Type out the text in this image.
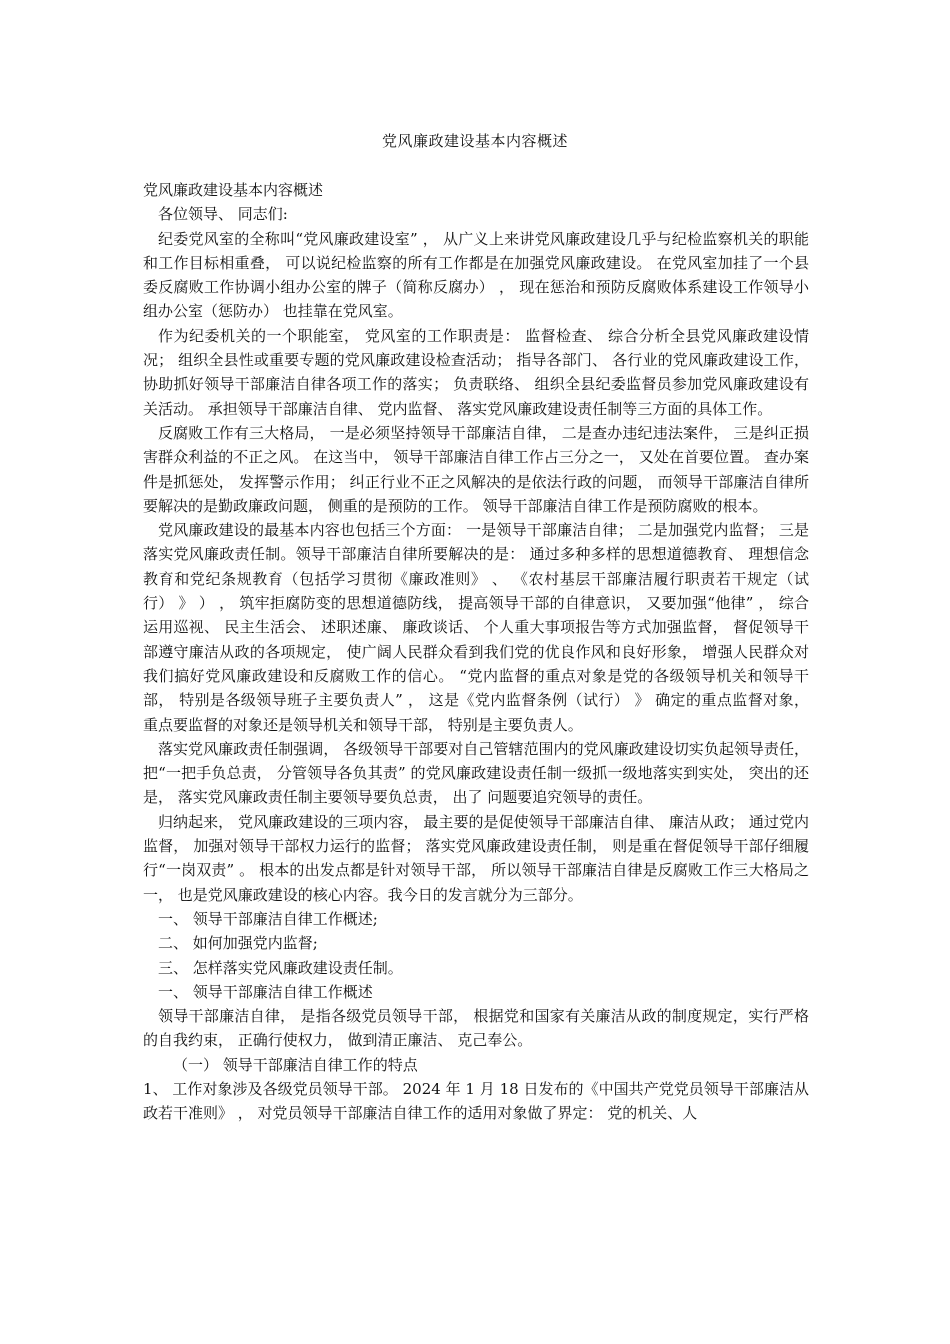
党风廉政建设基本内容概述

党风廉政建设基本内容概述

各位领导、 同志们:

纪委党风室的全称叫“党风廉政建设室” ， 从广义上来讲党风廉政建设几乎与纪检监察机关的职能和工作目标相重叠， 可以说纪检监察的所有工作都是在加强党风廉政建设。 在党风室加挂了一个县委反腐败工作协调小组办公室的牌子（简称反腐办） ， 现在惩治和预防反腐败体系建设工作领导小组办公室（惩防办） 也挂靠在党风室。

作为纪委机关的一个职能室， 党风室的工作职责是： 监督检查、 综合分析全县党风廉政建设情况； 组织全县性或重要专题的党风廉政建设检查活动； 指导各部门、 各行业的党风廉政建设工作， 协助抓好领导干部廉洁自律各项工作的落实； 负责联络、 组织全县纪委监督员参加党风廉政建设有关活动。 承担领导干部廉洁自律、 党内监督、 落实党风廉政建设责任制等三方面的具体工作。

反腐败工作有三大格局， 一是必须坚持领导干部廉洁自律， 二是查办违纪违法案件， 三是纠正损害群众利益的不正之风。 在这当中， 领导干部廉洁自律工作占三分之一， 又处在首要位置。 查办案件是抓惩处， 发挥警示作用； 纠正行业不正之风解决的是依法行政的问题， 而领导干部廉洁自律所要解决的是勤政廉政问题， 侧重的是预防的工作。 领导干部廉洁自律工作是预防腐败的根本。

党风廉政建设的最基本内容也包括三个方面： 一是领导干部廉洁自律； 二是加强党内监督； 三是落实党风廉政责任制。领导干部廉洁自律所要解决的是： 通过多种多样的思想道德教育、 理想信念教育和党纪条规教育（包括学习贯彻《廉政准则》 、 《农村基层干部廉洁履行职责若干规定（试行） 》 ） ， 筑牢拒腐防变的思想道德防线， 提高领导干部的自律意识， 又要加强“他律” ， 综合运用巡视、 民主生活会、 述职述廉、 廉政谈话、 个人重大事项报告等方式加强监督， 督促领导干部遵守廉洁从政的各项规定， 使广阔人民群众看到我们党的优良作风和良好形象， 增强人民群众对我们搞好党风廉政建设和反腐败工作的信心。 “党内监督的重点对象是党的各级领导机关和领导干部， 特别是各级领导班子主要负责人” ， 这是《党内监督条例（试行） 》 确定的重点监督对象， 重点要监督的对象还是领导机关和领导干部， 特别是主要负责人。

落实党风廉政责任制强调， 各级领导干部要对自己管辖范围内的党风廉政建设切实负起领导责任， 把“一把手负总责， 分管领导各负其责” 的党风廉政建设责任制一级抓一级地落实到实处， 突出的还是， 落实党风廉政责任制主要领导要负总责， 出了 问题要追究领导的责任。

归纳起来， 党风廉政建设的三项内容， 最主要的是促使领导干部廉洁自律、 廉洁从政； 通过党内监督， 加强对领导干部权力运行的监督； 落实党风廉政建设责任制， 则是重在督促领导干部仔细履行“一岗双责” 。 根本的出发点都是针对领导干部， 所以领导干部廉洁自律是反腐败工作三大格局之一， 也是党风廉政建设的核心内容。我今日的发言就分为三部分。

一、 领导干部廉洁自律工作概述;

二、 如何加强党内监督;

三、 怎样落实党风廉政建设责任制。

一、 领导干部廉洁自律工作概述

领导干部廉洁自律， 是指各级党员领导干部， 根据党和国家有关廉洁从政的制度规定，实行严格的自我约束， 正确行使权力， 做到清正廉洁、 克己奉公。

（一） 领导干部廉洁自律工作的特点

1、 工作对象涉及各级党员领导干部。 2024 年 1 月 18 日发布的《中国共产党党员领导干部廉洁从政若干准则》 ， 对党员领导干部廉洁自律工作的适用对象做了界定： 党的机关、人
